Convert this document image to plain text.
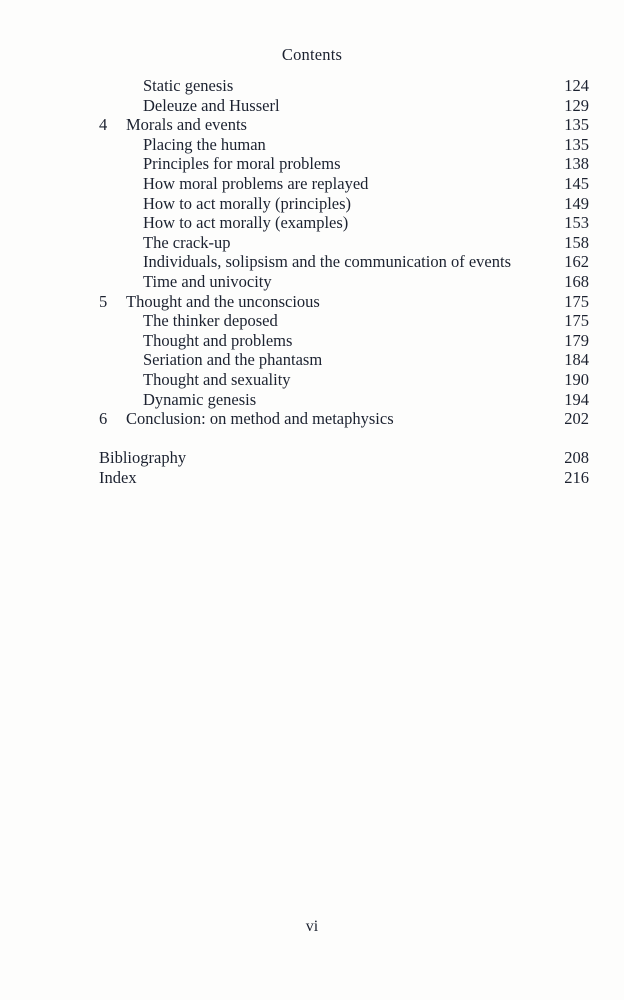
Contents
Static genesis	124
Deleuze and Husserl	129
4 Morals and events	135
Placing the human	135
Principles for moral problems	138
How moral problems are replayed	145
How to act morally (principles)	149
How to act morally (examples)	153
The crack-up	158
Individuals, solipsism and the communication of events	162
Time and univocity	168
5 Thought and the unconscious	175
The thinker deposed	175
Thought and problems	179
Seriation and the phantasm	184
Thought and sexuality	190
Dynamic genesis	194
6 Conclusion: on method and metaphysics	202
Bibliography	208
Index	216
vi
